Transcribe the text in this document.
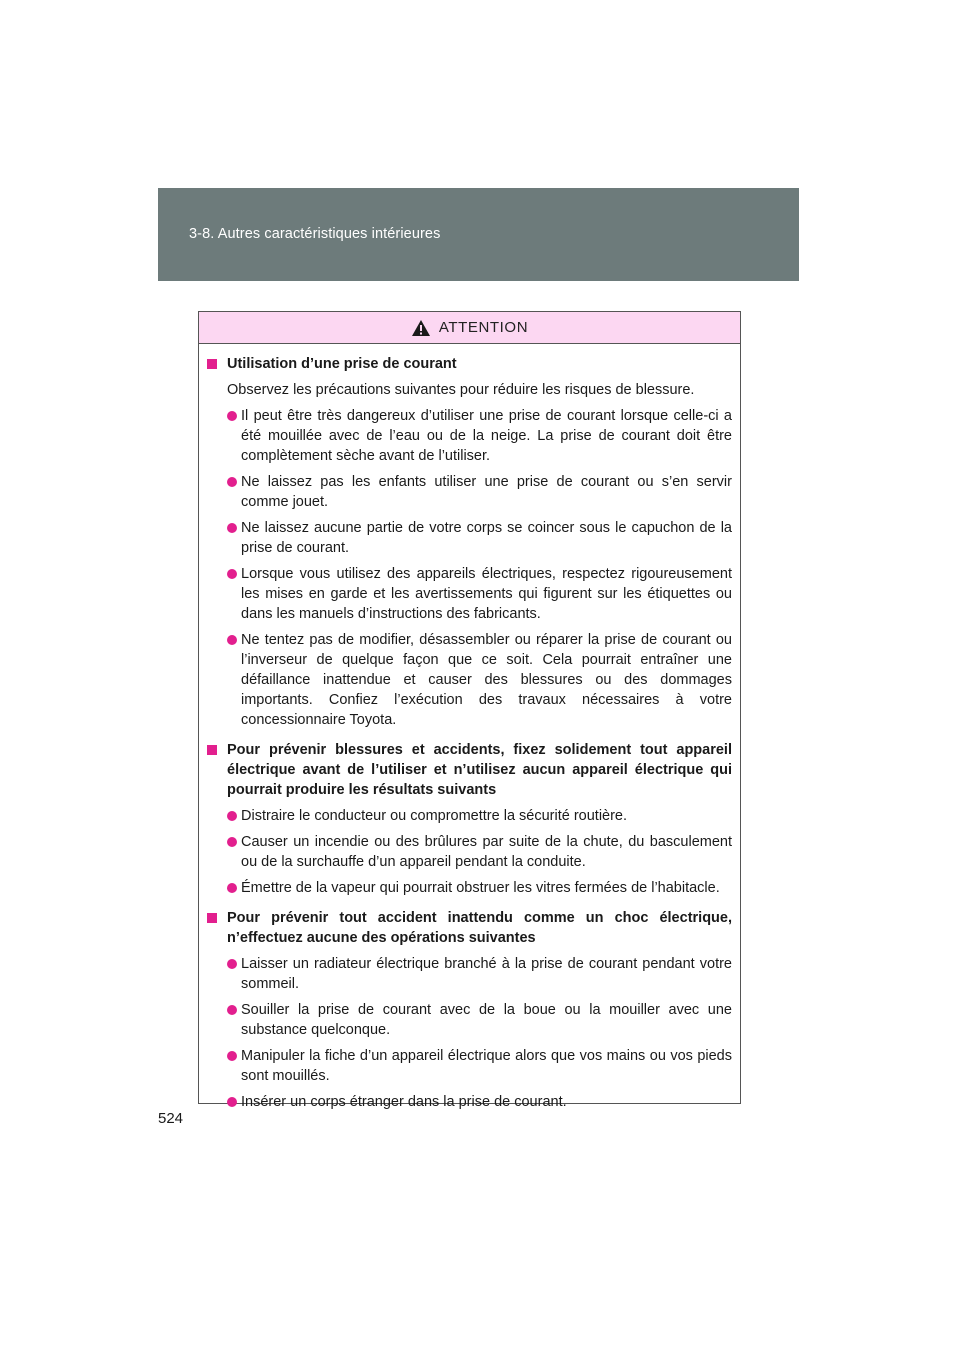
3-8. Autres caractéristiques intérieures
ATTENTION
Utilisation d’une prise de courant
Observez les précautions suivantes pour réduire les risques de blessure.
Il peut être très dangereux d’utiliser une prise de courant lorsque celle-ci a été mouillée avec de l’eau ou de la neige. La prise de courant doit être complètement sèche avant de l’utiliser.
Ne laissez pas les enfants utiliser une prise de courant ou s’en servir comme jouet.
Ne laissez aucune partie de votre corps se coincer sous le capuchon de la prise de courant.
Lorsque vous utilisez des appareils électriques, respectez rigoureusement les mises en garde et les avertissements qui figurent sur les étiquettes ou dans les manuels d’instructions des fabricants.
Ne tentez pas de modifier, désassembler ou réparer la prise de courant ou l’inverseur de quelque façon que ce soit. Cela pourrait entraîner une défaillance inattendue et causer des blessures ou des dommages importants. Confiez l’exécution des travaux nécessaires à votre concessionnaire Toyota.
Pour prévenir blessures et accidents, fixez solidement tout appareil électrique avant de l’utiliser et n’utilisez aucun appareil électrique qui pourrait produire les résultats suivants
Distraire le conducteur ou compromettre la sécurité routière.
Causer un incendie ou des brûlures par suite de la chute, du basculement ou de la surchauffe d’un appareil pendant la conduite.
Émettre de la vapeur qui pourrait obstruer les vitres fermées de l’habitacle.
Pour prévenir tout accident inattendu comme un choc électrique, n’effectuez aucune des opérations suivantes
Laisser un radiateur électrique branché à la prise de courant pendant votre sommeil.
Souiller la prise de courant avec de la boue ou la mouiller avec une substance quelconque.
Manipuler la fiche d’un appareil électrique alors que vos mains ou vos pieds sont mouillés.
Insérer un corps étranger dans la prise de courant.
524
